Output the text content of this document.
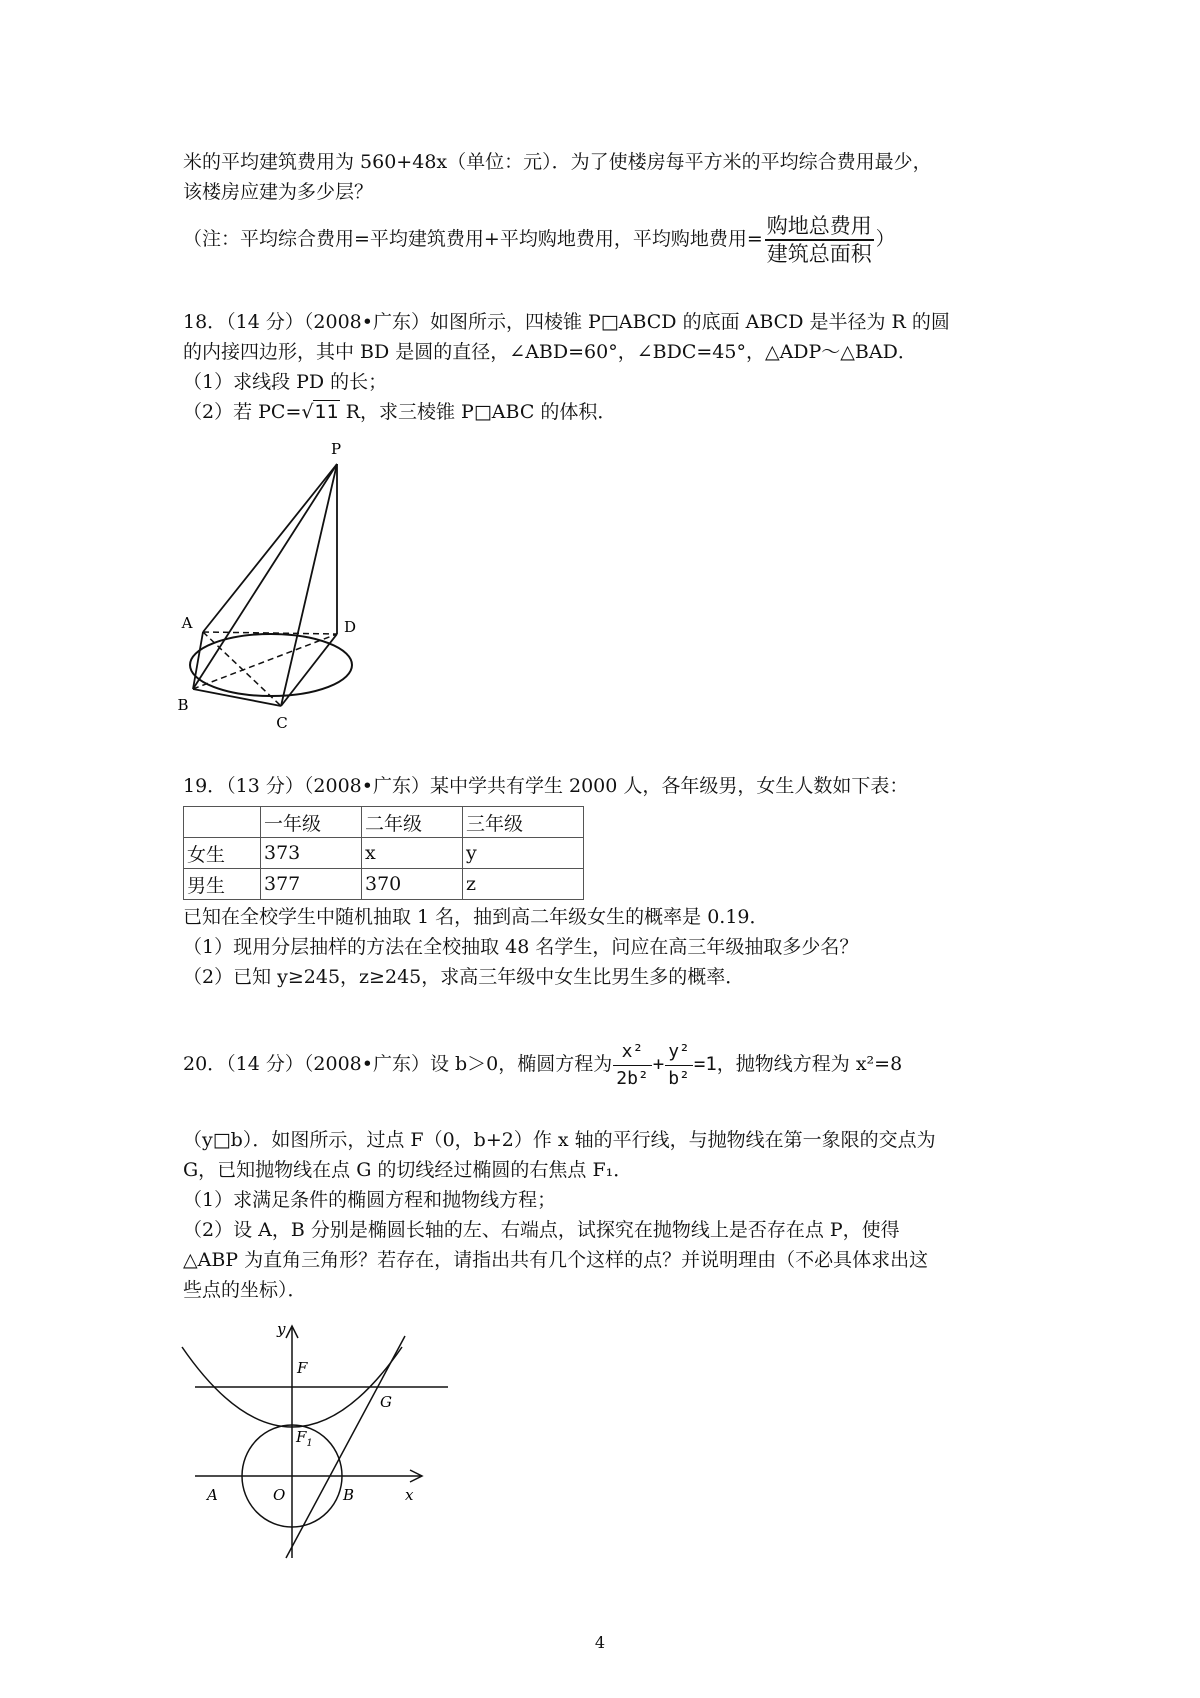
米的平均建筑费用为 560+48x（单位：元）．为了使楼房每平方米的平均综合费用最少，
该楼房应建为多少层？
（注：平均综合费用=平均建筑费用+平均购地费用，平均购地费用= $\frac{\text{购地总费用}}{\text{建筑总面积}}$ ）
18．（14 分）（2008•广东）如图所示，四棱锥 P□ABCD 的底面 ABCD 是半径为 R 的圆
的内接四边形，其中 BD 是圆的直径，∠ABD=60°，∠BDC=45°，△ADP～△BAD．
（1）求线段 PD 的长；
（2）若 PC=√11 R，求三棱锥 P□ABC 的体积．
P
A
B
C
D
19．（13 分）（2008•广东）某中学共有学生 2000 人，各年级男，女生人数如下表：
	一年级	二年级	三年级
女生	373	x	y
男生	377	370	z
已知在全校学生中随机抽取 1 名，抽到高二年级女生的概率是 0.19．
（1）现用分层抽样的方法在全校抽取 48 名学生，问应在高三年级抽取多少名？
（2）已知 y≥245，z≥245，求高三年级中女生比男生多的概率．
20．（14 分）（2008•广东）设 b＞0，椭圆方程为 $\frac{\text{x²}}{\text{2b²}} + \frac{\text{y²}}{\text{b²}} =1$，抛物线方程为 x²=8
（y□b）．如图所示，过点 F（0，b+2）作 x 轴的平行线，与抛物线在第一象限的交点为
G，已知抛物线在点 G 的切线经过椭圆的右焦点 F₁．
（1）求满足条件的椭圆方程和抛物线方程；
（2）设 A，B 分别是椭圆长轴的左、右端点，试探究在抛物线上是否存在点 P，使得
△ABP 为直角三角形？若存在，请指出共有几个这样的点？并说明理由（不必具体求出这
些点的坐标）．
y
F
G
$F_1$
A	O	B	x
4
